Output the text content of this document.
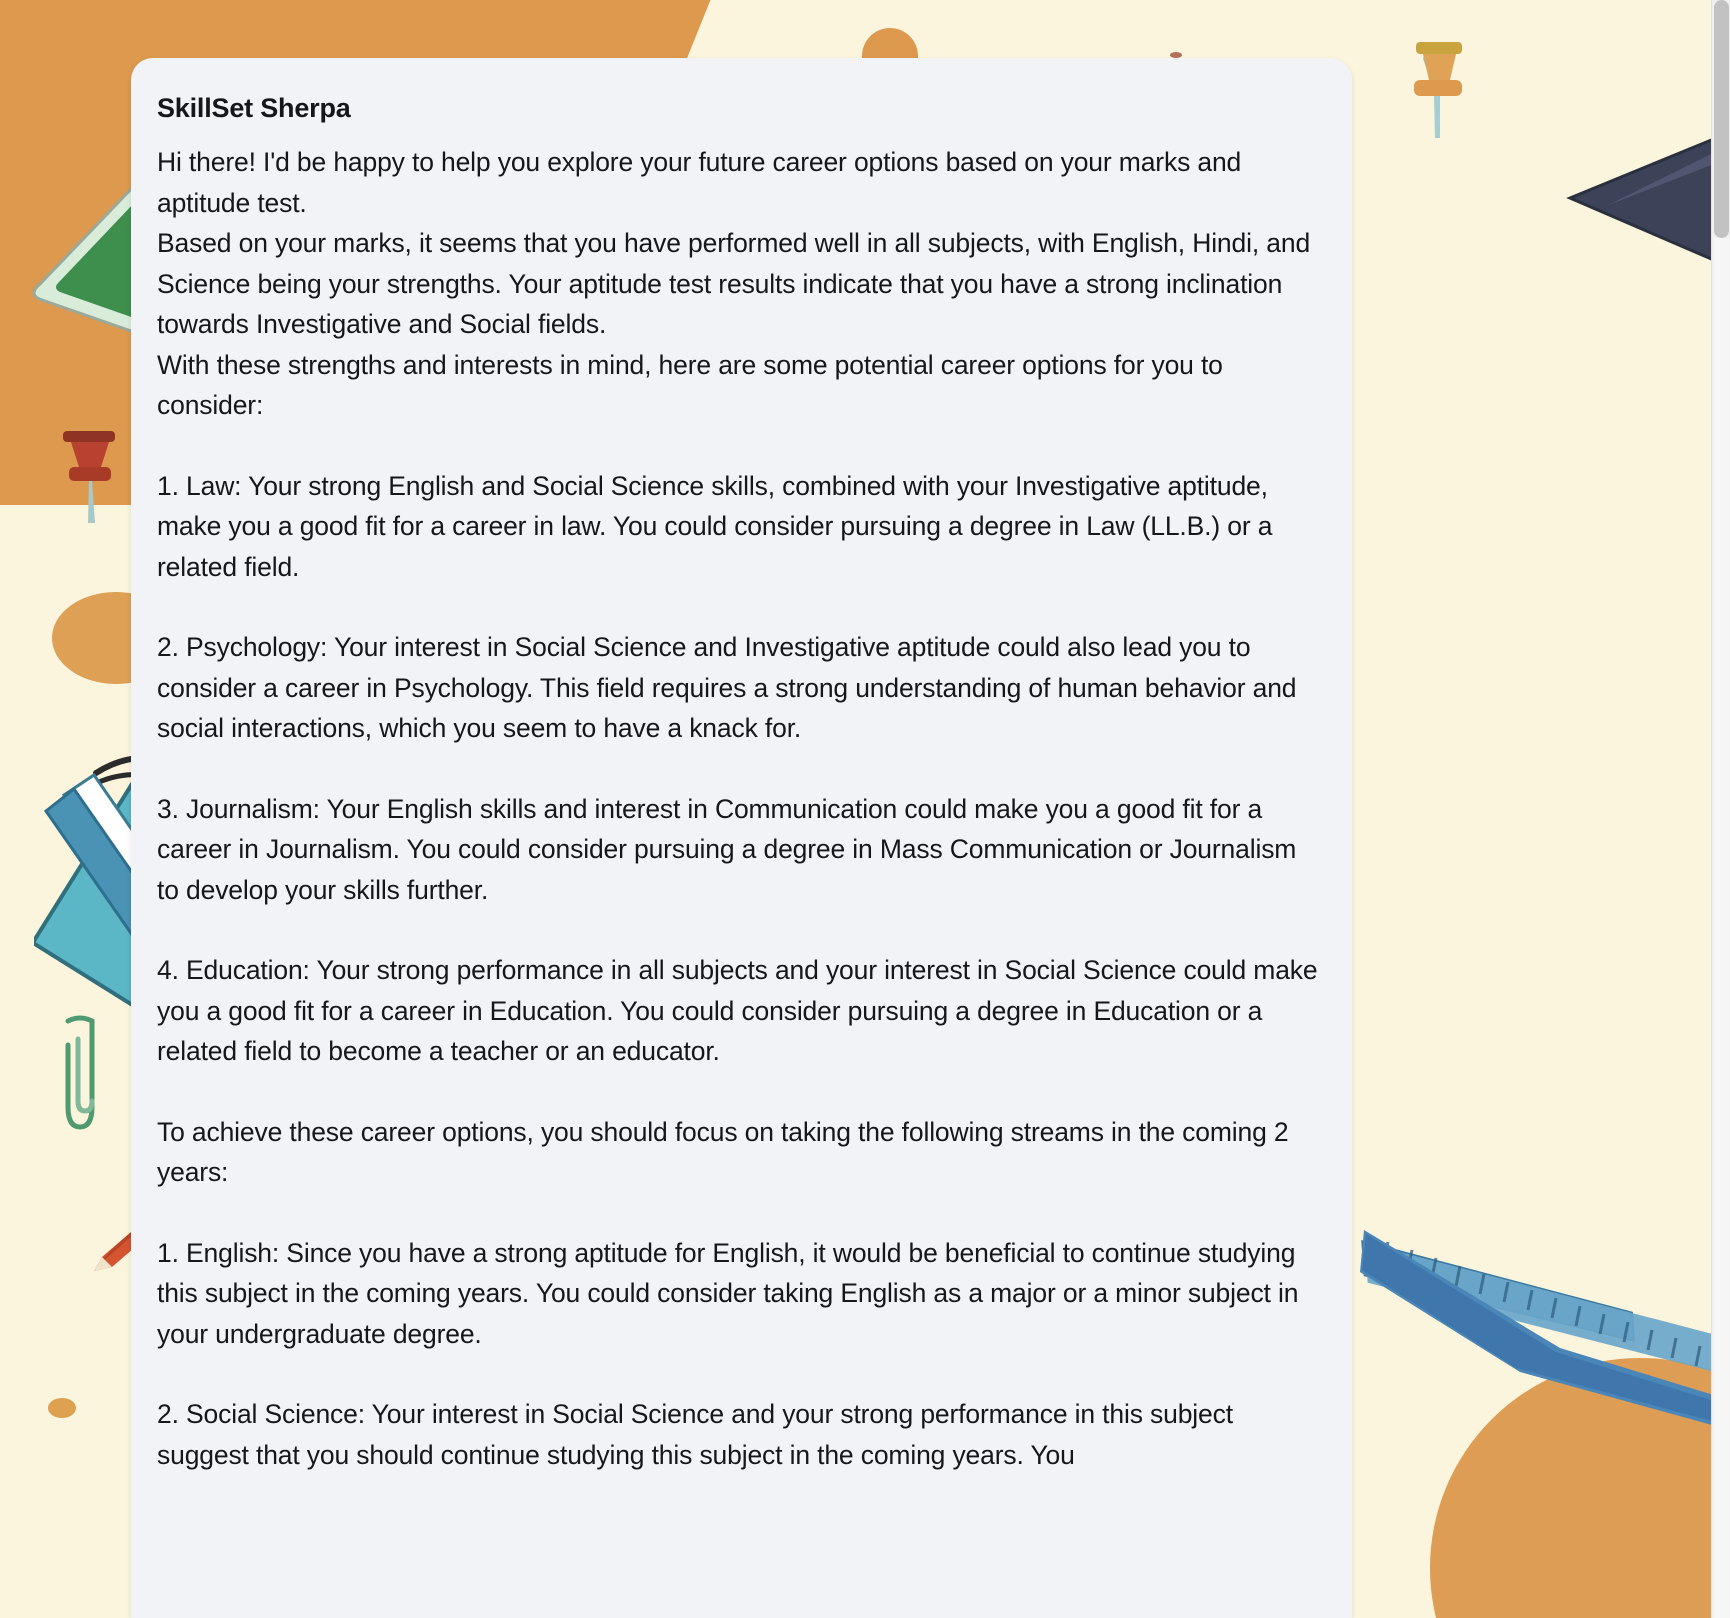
SkillSet Sherpa

Hi there! I'd be happy to help you explore your future career options based on your marks and aptitude test.

Based on your marks, it seems that you have performed well in all subjects, with English, Hindi, and Science being your strengths. Your aptitude test results indicate that you have a strong inclination towards Investigative and Social fields.

With these strengths and interests in mind, here are some potential career options for you to consider:

1. Law: Your strong English and Social Science skills, combined with your Investigative aptitude, make you a good fit for a career in law. You could consider pursuing a degree in Law (LL.B.) or a related field.

2. Psychology: Your interest in Social Science and Investigative aptitude could also lead you to consider a career in Psychology. This field requires a strong understanding of human behavior and social interactions, which you seem to have a knack for.

3. Journalism: Your English skills and interest in Communication could make you a good fit for a career in Journalism. You could consider pursuing a degree in Mass Communication or Journalism to develop your skills further.

4. Education: Your strong performance in all subjects and your interest in Social Science could make you a good fit for a career in Education. You could consider pursuing a degree in Education or a related field to become a teacher or an educator.

To achieve these career options, you should focus on taking the following streams in the coming 2 years:

1. English: Since you have a strong aptitude for English, it would be beneficial to continue studying this subject in the coming years. You could consider taking English as a major or a minor subject in your undergraduate degree.

2. Social Science: Your interest in Social Science and your strong performance in this subject suggest that you should continue studying this subject in the coming years. You
